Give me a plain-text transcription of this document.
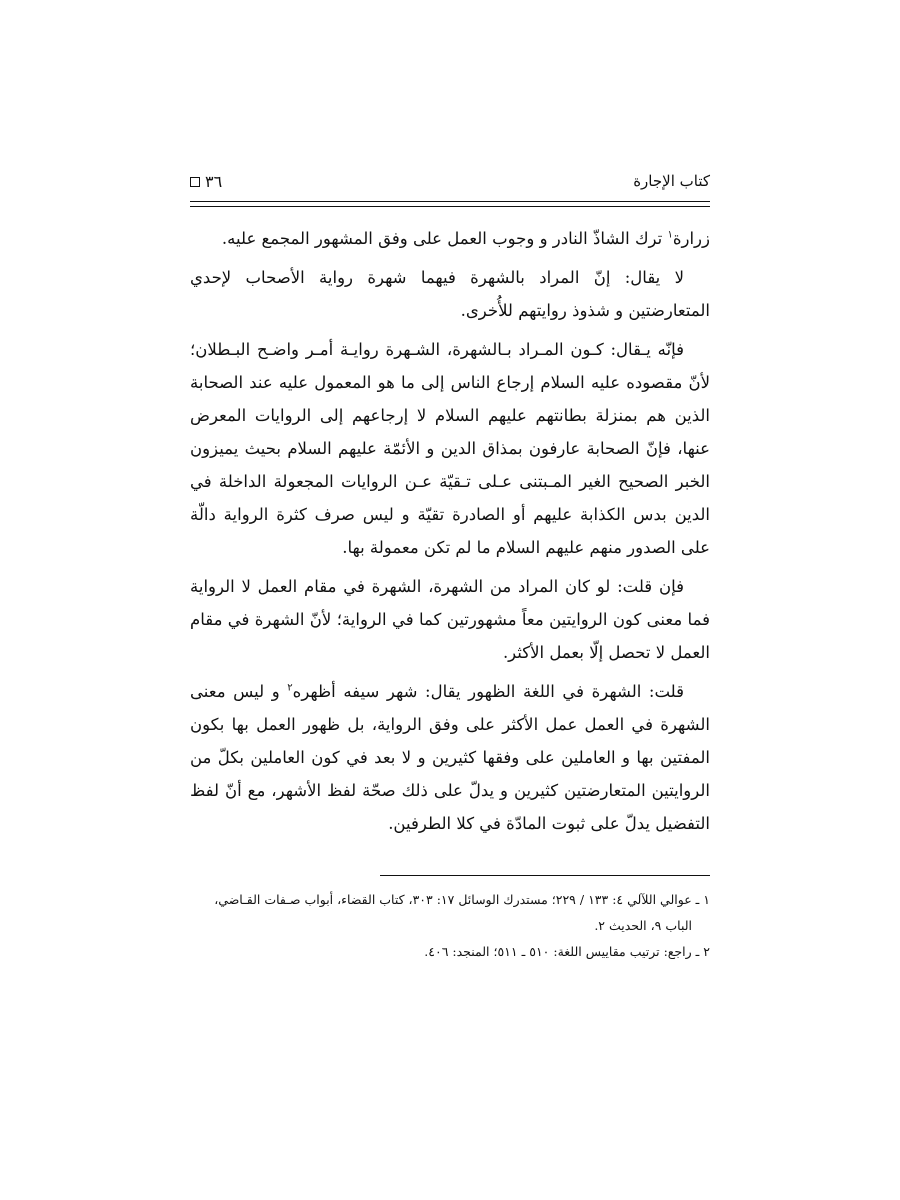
كتاب الإجارة
٣٦

زرارة$^١$ ترك الشاذّ النادر و وجوب العمل على وفق المشهور المجمع عليه.

لا يقال: إنّ المراد بالشهرة فيهما شهرة رواية الأصحاب لإحدي المتعارضتين و شذوذ روايتهم للأُخرى.

فإنّه يـقال: كـون المـراد بـالشهرة، الشـهرة روايـة أمـر واضـح البـطلان؛ لأنّ مقصوده عليه السلام إرجاع الناس إلى ما هو المعمول عليه عند الصحابة الذين هم بمنزلة بطانتهم عليهم السلام لا إرجاعهم إلى الروايات المعرض عنها، فإنّ الصحابة عارفون بمذاق الدين و الأئمّة عليهم السلام بحيث يميزون الخبر الصحيح الغير المـبتنى عـلى تـقيّة عـن الروايات المجعولة الداخلة في الدين بدس الكذابة عليهم أو الصادرة تقيّة و ليس صرف كثرة الرواية دالّة على الصدور منهم عليهم السلام ما لم تكن معمولة بها.

فإن قلت: لو كان المراد من الشهرة، الشهرة في مقام العمل لا الرواية فما معنى كون الروايتين معاً مشهورتين كما في الرواية؛ لأنّ الشهرة في مقام العمل لا تحصل إلّا بعمل الأكثر.

قلت: الشهرة في اللغة الظهور يقال: شهر سيفه أظهره$^٢$ و ليس معنى الشهرة في العمل عمل الأكثر على وفق الرواية، بل ظهور العمل بها بكون المفتين بها و العاملين على وفقها كثيرين و لا بعد في كون العاملين بكلّ من الروايتين المتعارضتين كثيرين و يدلّ على ذلك صحّة لفظ الأشهر، مع أنّ لفظ التفضيل يدلّ على ثبوت المادّة في كلا الطرفين.

١ ـ عوالي اللآلي ٤: ١٣٣ / ٢٢٩؛ مستدرك الوسائل ١٧: ٣٠٣، كتاب القضاء، أبواب صـفات القـاضي،

الباب ٩، الحديث ٢.

٢ ـ راجع: ترتيب مقاييس اللغة: ٥١٠ ـ ٥١١؛ المنجد: ٤٠٦.
